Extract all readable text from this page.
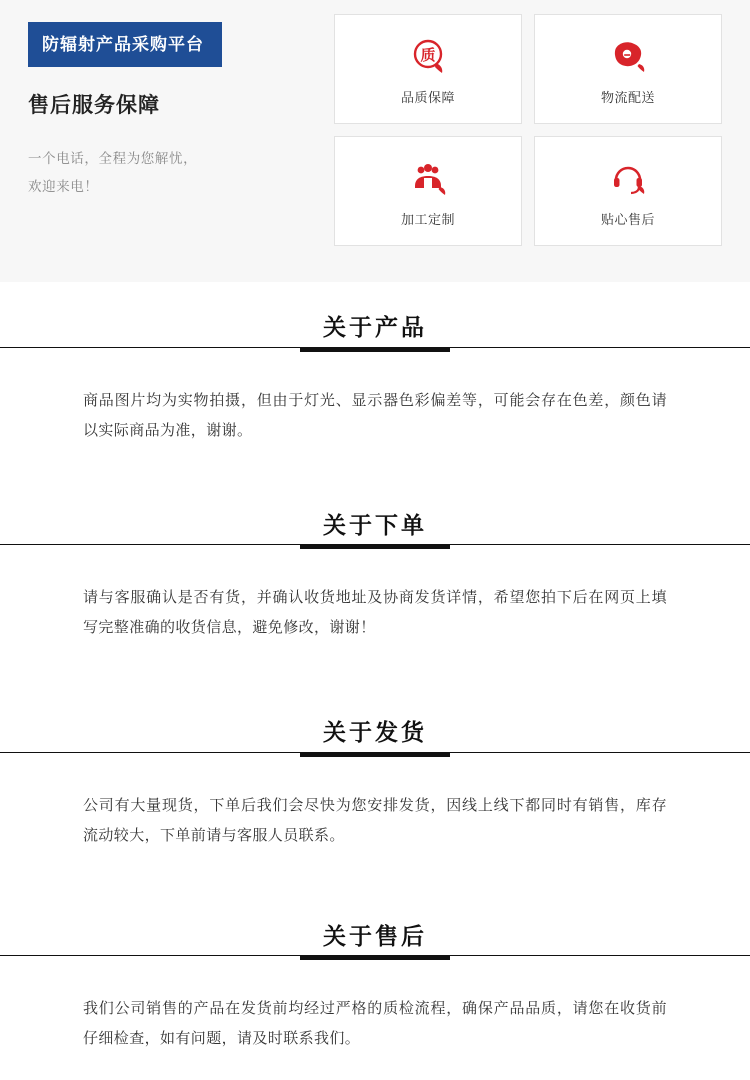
防辐射产品采购平台
售后服务保障
一个电话，全程为您解忧，
欢迎来电！
质
品质保障	物流配送
加工定制	贴心售后
关于产品
商品图片均为实物拍摄，但由于灯光、显示器色彩偏差等，可能会存在色差，颜色请以实际商品为准，谢谢。
关于下单
请与客服确认是否有货，并确认收货地址及协商发货详情，希望您拍下后在网页上填写完整准确的收货信息，避免修改，谢谢！
关于发货
公司有大量现货，下单后我们会尽快为您安排发货，因线上线下都同时有销售，库存流动较大，下单前请与客服人员联系。
关于售后
我们公司销售的产品在发货前均经过严格的质检流程，确保产品品质，请您在收货前仔细检查，如有问题，请及时联系我们。
